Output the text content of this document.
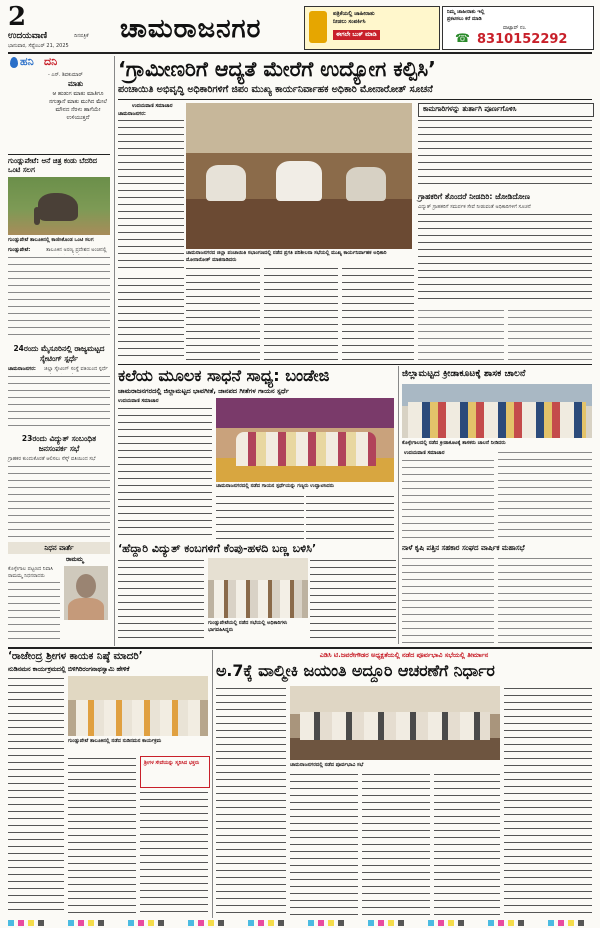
2
ಉದಯವಾಣಿ	ದಿನಪತ್ರಿಕೆ
ಭಾನುವಾರ, ಸೆಪ್ಟೆಂಬರ್ 21, 2025
ಚಾಮರಾಜನಗರ	ಪತ್ರಿಕೆಯಲ್ಲಿ ಜಾಹೀರಾತು
ನೀಡಲು ಸಂಪರ್ಕಿಸಿ
ಈಗಲೇ ಬುಕ್ ಮಾಡಿ
ನಿಮ್ಮ ಜಾಹೀರಾತು ಇಲ್ಲಿ
ಪ್ರಕಟಿಸಲು ಕರೆ ಮಾಡಿ
ವಾಟ್ಸಾಪ್ ನಂ.
8310152292
☎
ಹನಿ ದನಿ
- ಎನ್. ಶಿವಕುಮಾರ್
ಮಾತು
ಆ ಹುಡುಗ ಮಾತು ಮಾತಿಗೂ ನಗುತ್ತಾನೆ ಮಾತು ಮುಗಿದ ಮೇಲೆ ಮೌನದ ನೆರಳು ಹಾಗೆಯೇ ಉಳಿಯುತ್ತದೆ
ಗುಂಡ್ಲುಪೇಟೆ: ಆನೆ ಚಿತ್ರ ಕಂಡು ಬೆದರಿದ ಒಂಟಿ ಸಲಗ
ಗುಂಡ್ಲುಪೇಟೆ ತಾಲೂಕಿನಲ್ಲಿ ಕಾಣಿಸಿಕೊಂಡ ಒಂಟಿ ಸಲಗ
ಗುಂಡ್ಲುಪೇಟೆ:	ತಾಲೂಕಿನ ಅರಣ್ಯ ಪ್ರದೇಶದ ಅಂಚಿನಲ್ಲಿ
24ರಂದು ಮೈಸೂರಿನಲ್ಲಿ ರಾಜ್ಯಮಟ್ಟದ ಸ್ಕೇಟಿಂಗ್ ಸ್ಪರ್ಧೆ
ಚಾಮರಾಜನಗರ: ಜಿಲ್ಲಾ ಸ್ಕೇಟಿಂಗ್ ಸಂಸ್ಥೆ ವತಿಯಿಂದ ಸ್ಪರ್ಧೆ
23ರಂದು ವಿದ್ಯುತ್ ಸಂಬಂಧಿತ ಜನಸಂಪರ್ಕ ಸಭೆ
ಗ್ರಾಹಕರ ಕುಂದುಕೊರತೆ ಆಲಿಸಲು ಸೆಸ್ಕ್ ವತಿಯಿಂದ ಸಭೆ
ನಿಧನ ವಾರ್ತೆ
ರಾಮಮ್ಮ
ಕೊಳ್ಳೇಗಾಲ ಪಟ್ಟಣದ ನಿವಾಸಿ ರಾಮಮ್ಮ ನಿಧನರಾದರು
‘ಗ್ರಾಮೀಣರಿಗೆ ಆದ್ಯತೆ ಮೇರೆಗೆ ಉದ್ಯೋಗ ಕಲ್ಪಿಸಿ’
ಪಂಚಾಯಿತಿ ಅಭಿವೃದ್ಧಿ ಅಧಿಕಾರಿಗಳಿಗೆ ಜಿಪಂ ಮುಖ್ಯ ಕಾರ್ಯನಿರ್ವಾಹಕ ಅಧಿಕಾರಿ ಮೋನಾರೋತ್ ಸೂಚನೆ
ಉದಯವಾಣಿ ಸಮಾಚಾರ
ಚಾಮರಾಜನಗರ:
ಚಾಮರಾಜನಗರದ ಜಿಲ್ಲಾ ಪಂಚಾಯಿತಿ ಸಭಾಂಗಣದಲ್ಲಿ ನಡೆದ ಪ್ರಗತಿ ಪರಿಶೀಲನಾ ಸಭೆಯಲ್ಲಿ ಮುಖ್ಯ ಕಾರ್ಯನಿರ್ವಾಹಕ ಅಧಿಕಾರಿ ಮೋನಾರೋತ್ ಮಾತನಾಡಿದರು
ಕಾಮಗಾರಿಗಳನ್ನು ತುರ್ತಾಗಿ ಪೂರ್ಣಗೊಳಿಸಿ
ಗ್ರಾಹಕರಿಗೆ ತೊಂದರೆ ನೀಡದಿರಿ: ಜೋಡಿದೋಣ
ವಿದ್ಯುತ್ ಗ್ರಾಹಕರಿಗೆ ಸಮರ್ಪಕ ಸೇವೆ ನೀಡುವಂತೆ ಅಧಿಕಾರಿಗಳಿಗೆ ಸೂಚನೆ
ಕಲೆಯ ಮೂಲಕ ಸಾಧನೆ ಸಾಧ್ಯ: ಬಂಡೇಜಿ
ಚಾಮರಾಜನಗರದಲ್ಲಿ ಜಿಲ್ಲಾಮಟ್ಟದ ಭಾವಗೀತೆ, ಜಾನಪದ ಗೀತೆಗಳ ಗಾಯನ ಸ್ಪರ್ಧೆ
ಉದಯವಾಣಿ ಸಮಾಚಾರ
ಚಾಮರಾಜನಗರದಲ್ಲಿ ನಡೆದ ಗಾಯನ ಸ್ಪರ್ಧೆಯನ್ನು ಗಣ್ಯರು ಉದ್ಘಾಟಿಸಿದರು
ಜಿಲ್ಲಾಮಟ್ಟದ ಕ್ರೀಡಾಕೂಟಕ್ಕೆ ಶಾಸಕ ಚಾಲನೆ
ಕೊಳ್ಳೇಗಾಲದಲ್ಲಿ ನಡೆದ ಕ್ರೀಡಾಕೂಟಕ್ಕೆ ಶಾಸಕರು ಚಾಲನೆ ನೀಡಿದರು
ಉದಯವಾಣಿ ಸಮಾಚಾರ
‘ಹೆದ್ದಾರಿ ವಿದ್ಯುತ್ ಕಂಬಗಳಿಗೆ ಕೆಂಪು-ಹಳದಿ ಬಣ್ಣ ಬಳಿಸಿ’
ಗುಂಡ್ಲುಪೇಟೆಯಲ್ಲಿ ನಡೆದ ಸಭೆಯಲ್ಲಿ ಅಧಿಕಾರಿಗಳು ಭಾಗವಹಿಸಿದ್ದರು
ನಾಳೆ ಕೃಷಿ ಪತ್ತಿನ ಸಹಕಾರ ಸಂಘದ ವಾರ್ಷಿಕ ಮಹಾಸಭೆ
‘ರಾಜೇಂದ್ರ ಶ್ರೀಗಳ ಕಾಯಕ ನಿಷ್ಠೆ ಮಾದರಿ’
ನುಡಿನಮನ ಕಾರ್ಯಕ್ರಮದಲ್ಲಿ ಬಿಳಿಗಿರಿರಂಗನಾಥಸ್ವಾಮಿ ಹೇಳಿಕೆ
ಗುಂಡ್ಲುಪೇಟೆ ತಾಲೂಕಿನಲ್ಲಿ ನಡೆದ ನುಡಿನಮನ ಕಾರ್ಯಕ್ರಮ
ಶ್ರೀಗಳ ಸೇವೆಯನ್ನು ಸ್ಮರಿಸಿದ ಭಕ್ತರು
ಎಡಿಸಿ ಟಿ.ಜವರೇಗೌಡರ ಅಧ್ಯಕ್ಷತೆಯಲ್ಲಿ ನಡೆದ ಪೂರ್ವಭಾವಿ ಸಭೆಯಲ್ಲಿ ತೀರ್ಮಾನ
ಅ.7ಕ್ಕೆ ವಾಲ್ಮೀಕಿ ಜಯಂತಿ ಅದ್ದೂರಿ ಆಚರಣೆಗೆ ನಿರ್ಧಾರ
ಚಾಮರಾಜನಗರದಲ್ಲಿ ನಡೆದ ಪೂರ್ವಭಾವಿ ಸಭೆ
